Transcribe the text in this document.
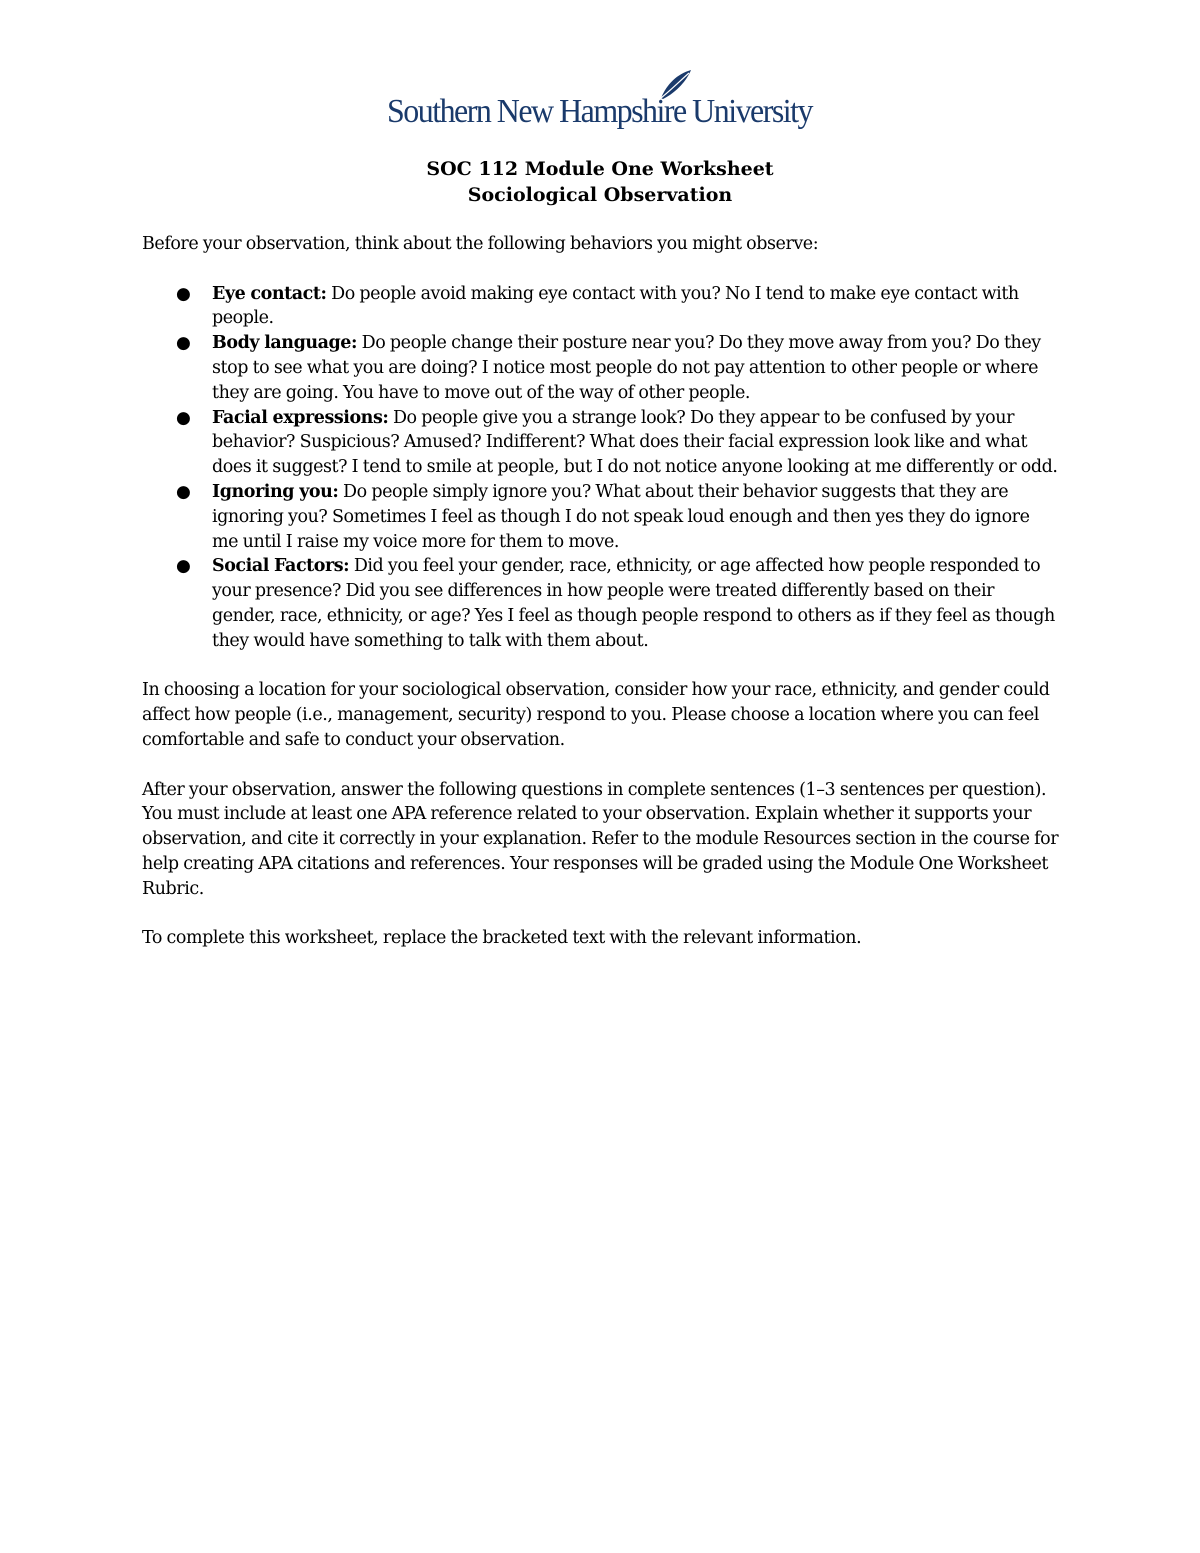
Southern New Hampshire University
SOC 112 Module One Worksheet
Sociological Observation

Before your observation, think about the following behaviors you might observe:

● Eye contact: Do people avoid making eye contact with you? No I tend to make eye contact with people.
● Body language: Do people change their posture near you? Do they move away from you? Do they stop to see what you are doing? I notice most people do not pay attention to other people or where they are going. You have to move out of the way of other people.
● Facial expressions: Do people give you a strange look? Do they appear to be confused by your behavior? Suspicious? Amused? Indifferent? What does their facial expression look like and what does it suggest? I tend to smile at people, but I do not notice anyone looking at me differently or odd.
● Ignoring you: Do people simply ignore you? What about their behavior suggests that they are ignoring you? Sometimes I feel as though I do not speak loud enough and then yes they do ignore me until I raise my voice more for them to move.
● Social Factors: Did you feel your gender, race, ethnicity, or age affected how people responded to your presence? Did you see differences in how people were treated differently based on their gender, race, ethnicity, or age? Yes I feel as though people respond to others as if they feel as though they would have something to talk with them about.

In choosing a location for your sociological observation, consider how your race, ethnicity, and gender could affect how people (i.e., management, security) respond to you. Please choose a location where you can feel comfortable and safe to conduct your observation.

After your observation, answer the following questions in complete sentences (1–3 sentences per question). You must include at least one APA reference related to your observation. Explain whether it supports your observation, and cite it correctly in your explanation. Refer to the module Resources section in the course for help creating APA citations and references. Your responses will be graded using the Module One Worksheet Rubric.

To complete this worksheet, replace the bracketed text with the relevant information.
